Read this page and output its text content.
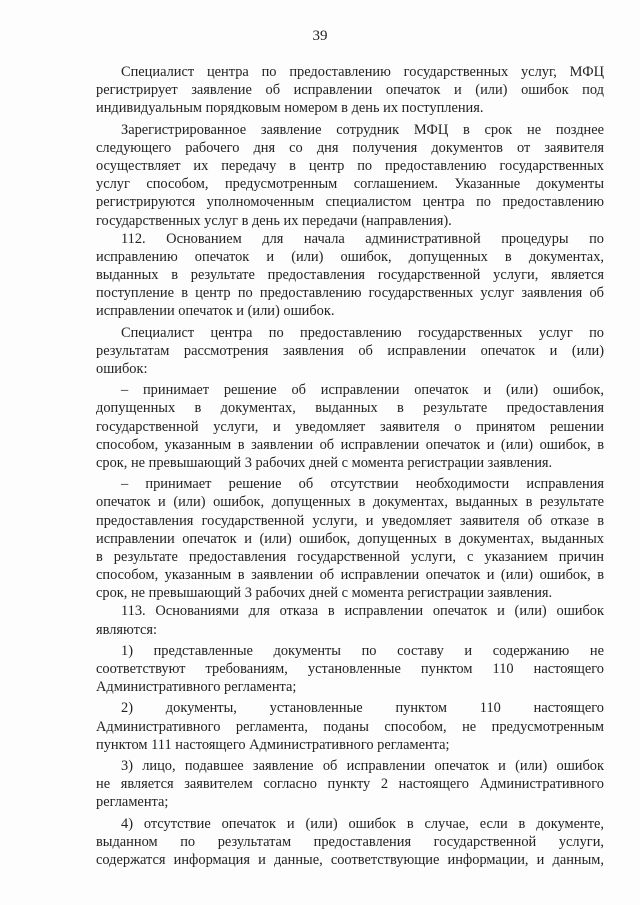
39
Специалист центра по предоставлению государственных услуг, МФЦ
регистрирует заявление об исправлении опечаток и (или) ошибок под
индивидуальным порядковым номером в день их поступления.
Зарегистрированное заявление сотрудник МФЦ в срок не позднее
следующего рабочего дня со дня получения документов от заявителя
осуществляет их передачу в центр по предоставлению государственных
услуг способом, предусмотренным соглашением. Указанные документы
регистрируются уполномоченным специалистом центра по предоставлению
государственных услуг в день их передачи (направления).
112. Основанием для начала административной процедуры по
исправлению опечаток и (или) ошибок, допущенных в документах,
выданных в результате предоставления государственной услуги, является
поступление в центр по предоставлению государственных услуг заявления об
исправлении опечаток и (или) ошибок.
Специалист центра по предоставлению государственных услуг по
результатам рассмотрения заявления об исправлении опечаток и (или)
ошибок:
– принимает решение об исправлении опечаток и (или) ошибок,
допущенных в документах, выданных в результате предоставления
государственной услуги, и уведомляет заявителя о принятом решении
способом, указанным в заявлении об исправлении опечаток и (или) ошибок, в
срок, не превышающий 3 рабочих дней с момента регистрации заявления.
– принимает решение об отсутствии необходимости исправления
опечаток и (или) ошибок, допущенных в документах, выданных в результате
предоставления государственной услуги, и уведомляет заявителя об отказе в
исправлении опечаток и (или) ошибок, допущенных в документах, выданных
в результате предоставления государственной услуги, с указанием причин
способом, указанным в заявлении об исправлении опечаток и (или) ошибок, в
срок, не превышающий 3 рабочих дней с момента регистрации заявления.
113. Основаниями для отказа в исправлении опечаток и (или) ошибок
являются:
1) представленные документы по составу и содержанию не
соответствуют требованиям, установленные пунктом 110 настоящего
Административного регламента;
2) документы, установленные пунктом 110 настоящего
Административного регламента, поданы способом, не предусмотренным
пунктом 111 настоящего Административного регламента;
3) лицо, подавшее заявление об исправлении опечаток и (или) ошибок
не является заявителем согласно пункту 2 настоящего Административного
регламента;
4) отсутствие опечаток и (или) ошибок в случае, если в документе,
выданном по результатам предоставления государственной услуги,
содержатся информация и данные, соответствующие информации, и данным,
